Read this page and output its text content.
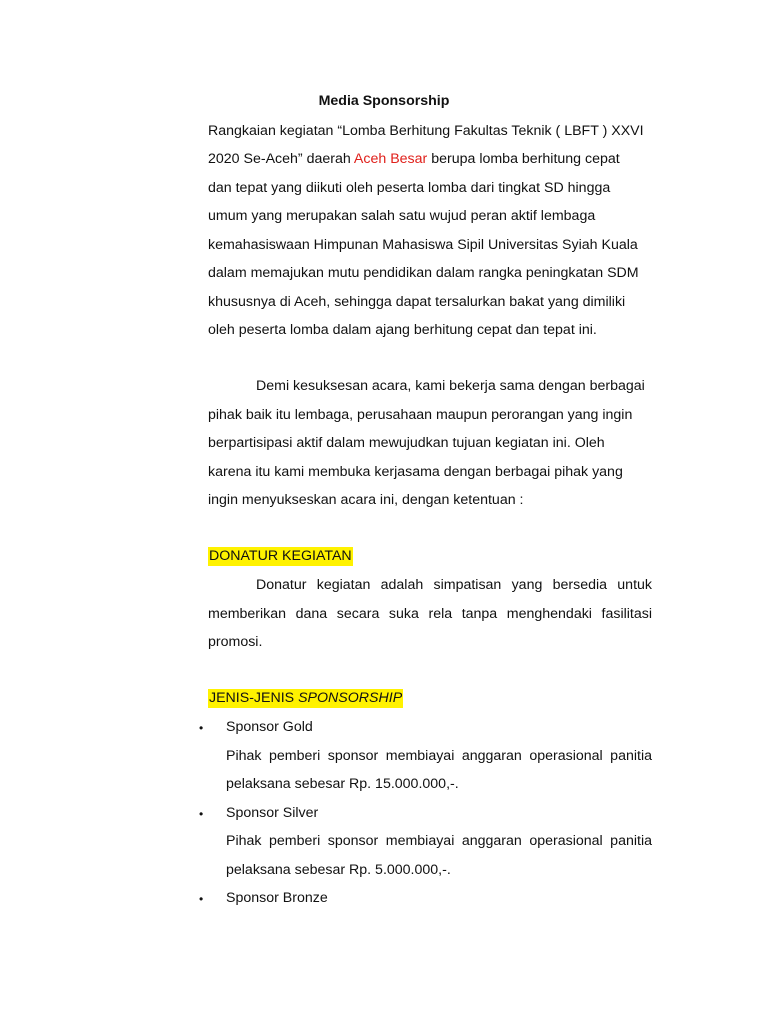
Media Sponsorship
Rangkaian kegiatan “Lomba Berhitung Fakultas Teknik ( LBFT ) XXVI
2020 Se-Aceh” daerah Aceh Besar berupa lomba berhitung cepat
dan tepat yang diikuti oleh peserta lomba dari tingkat SD hingga
umum yang merupakan salah satu wujud peran aktif lembaga
kemahasiswaan Himpunan Mahasiswa Sipil Universitas Syiah Kuala
dalam memajukan mutu pendidikan dalam rangka peningkatan SDM
khususnya di Aceh, sehingga dapat tersalurkan bakat yang dimiliki
oleh peserta lomba dalam ajang berhitung cepat dan tepat ini.
Demi kesuksesan acara, kami bekerja sama dengan berbagai
pihak baik itu lembaga, perusahaan maupun perorangan yang ingin
berpartisipasi aktif dalam mewujudkan tujuan kegiatan ini. Oleh
karena itu kami membuka kerjasama dengan berbagai pihak yang
ingin menyukseskan acara ini, dengan ketentuan :
DONATUR KEGIATAN
Donatur kegiatan adalah simpatisan yang bersedia untuk
memberikan dana secara suka rela tanpa menghendaki fasilitasi
promosi.
JENIS-JENIS SPONSORSHIP
• Sponsor Gold
Pihak pemberi sponsor membiayai anggaran operasional panitia
pelaksana sebesar Rp. 15.000.000,-.
• Sponsor Silver
Pihak pemberi sponsor membiayai anggaran operasional panitia
pelaksana sebesar Rp. 5.000.000,-.
• Sponsor Bronze
